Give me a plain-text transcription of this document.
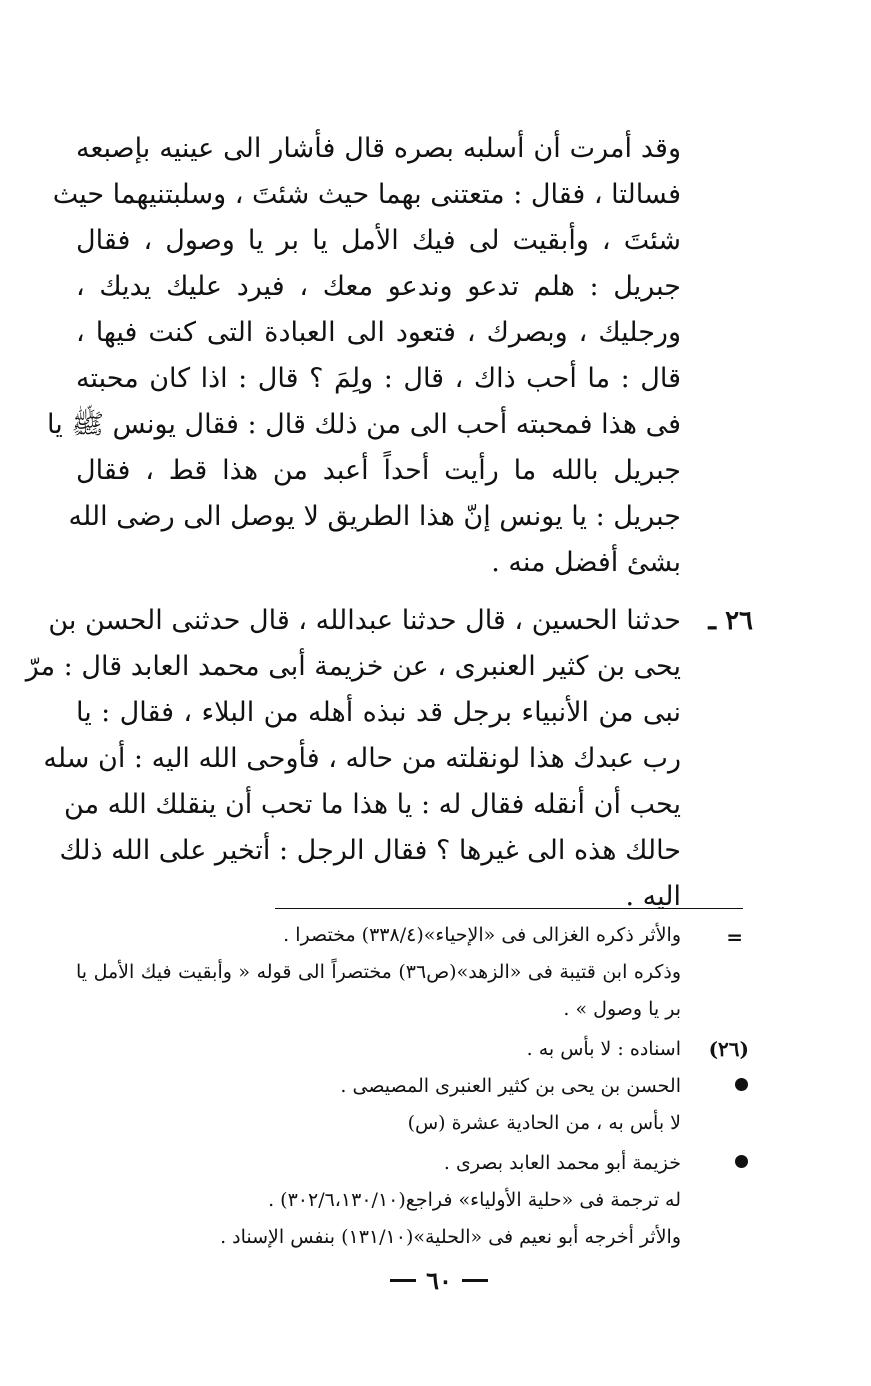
وقد أمرت أن أسلبه بصره قال فأشار الى عينيه بإصبعه
فسالتا ، فقال : متعتنى بهما حيث شئتَ ، وسلبتنيهما حيث
شئتَ ، وأبقيت لى فيك الأمل يا بر يا وصول ، فقال
جبريل : هلم تدعو وندعو معك ، فيرد عليك يديك ،
ورجليك ، وبصرك ، فتعود الى العبادة التى كنت فيها ،
قال : ما أحب ذاك ، قال : ولِمَ ؟ قال : اذا كان محبته
فى هذا فمحبته أحب الى من ذلك قال : فقال يونس ﷺ يا
جبريل بالله ما رأيت أحداً أعبد من هذا قط ، فقال
جبريل : يا يونس إنّ هذا الطريق لا يوصل الى رضى الله
بشئ أفضل منه .
٢٦ ـ
حدثنا الحسين ، قال حدثنا عبدالله ، قال حدثنى الحسن بن
يحى بن كثير العنبرى ، عن خزيمة أبى محمد العابد قال : مرّ
نبى من الأنبياء برجل قد نبذه أهله من البلاء ، فقال : يا
رب عبدك هذا لونقلته من حاله ، فأوحى الله اليه : أن سله
يحب أن أنقله فقال له : يا هذا ما تحب أن ينقلك الله من
حالك هذه الى غيرها ؟ فقال الرجل : أتخير على الله ذلك
اليه .
=
والأثر ذكره الغزالى فى «الإحياء»(٣٣٨/٤) مختصرا .
وذكره ابن قتيبة فى «الزهد»(ص٣٦) مختصراً الى قوله « وأبقيت فيك الأمل يا
بر يا وصول » .
(٢٦)
اسناده : لا بأس به .
الحسن بن يحى بن كثير العنبرى المصيصى .
لا بأس به ، من الحادية عشرة (س)
خزيمة أبو محمد العابد بصرى .
له ترجمة فى «حلية الأولياء» فراجع(٣٠٢/٦،١٣٠/١٠) .
والأثر أخرجه أبو نعيم فى «الحلية»(١٣١/١٠) بنفس الإسناد .
٦٠
